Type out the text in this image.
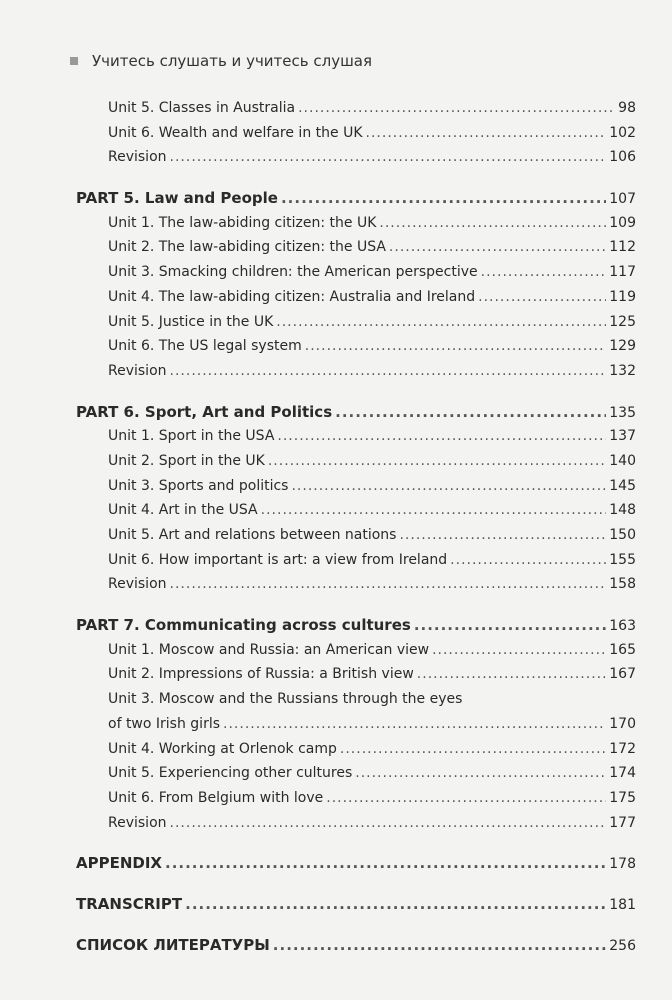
Учитесь слушать и учитесь слушая
Unit 5. Classes in Australia .....	98
Unit 6. Wealth and welfare in the UK .....	102
Revision .....	106
PART 5. Law and People .....	107
Unit 1. The law-abiding citizen: the UK .....	109
Unit 2. The law-abiding citizen: the USA .....	112
Unit 3. Smacking children: the American perspective .....	117
Unit 4. The law-abiding citizen: Australia and Ireland .....	119
Unit 5. Justice in the UK .....	125
Unit 6. The US legal system .....	129
Revision .....	132
PART 6. Sport, Art and Politics .....	135
Unit 1. Sport in the USA .....	137
Unit 2. Sport in the UK .....	140
Unit 3. Sports and politics .....	145
Unit 4. Art in the USA .....	148
Unit 5. Art and relations between nations .....	150
Unit 6. How important is art: a view from Ireland .....	155
Revision .....	158
PART 7. Communicating across cultures .....	163
Unit 1. Moscow and Russia: an American view .....	165
Unit 2. Impressions of Russia: a British view .....	167
Unit 3. Moscow and the Russians through the eyes
of two Irish girls .....	170
Unit 4. Working at Orlenok camp .....	172
Unit 5. Experiencing other cultures .....	174
Unit 6. From Belgium with love .....	175
Revision .....	177
APPENDIX .....	178
TRANSCRIPT .....	181
СПИСОК ЛИТЕРАТУРЫ .....	256
